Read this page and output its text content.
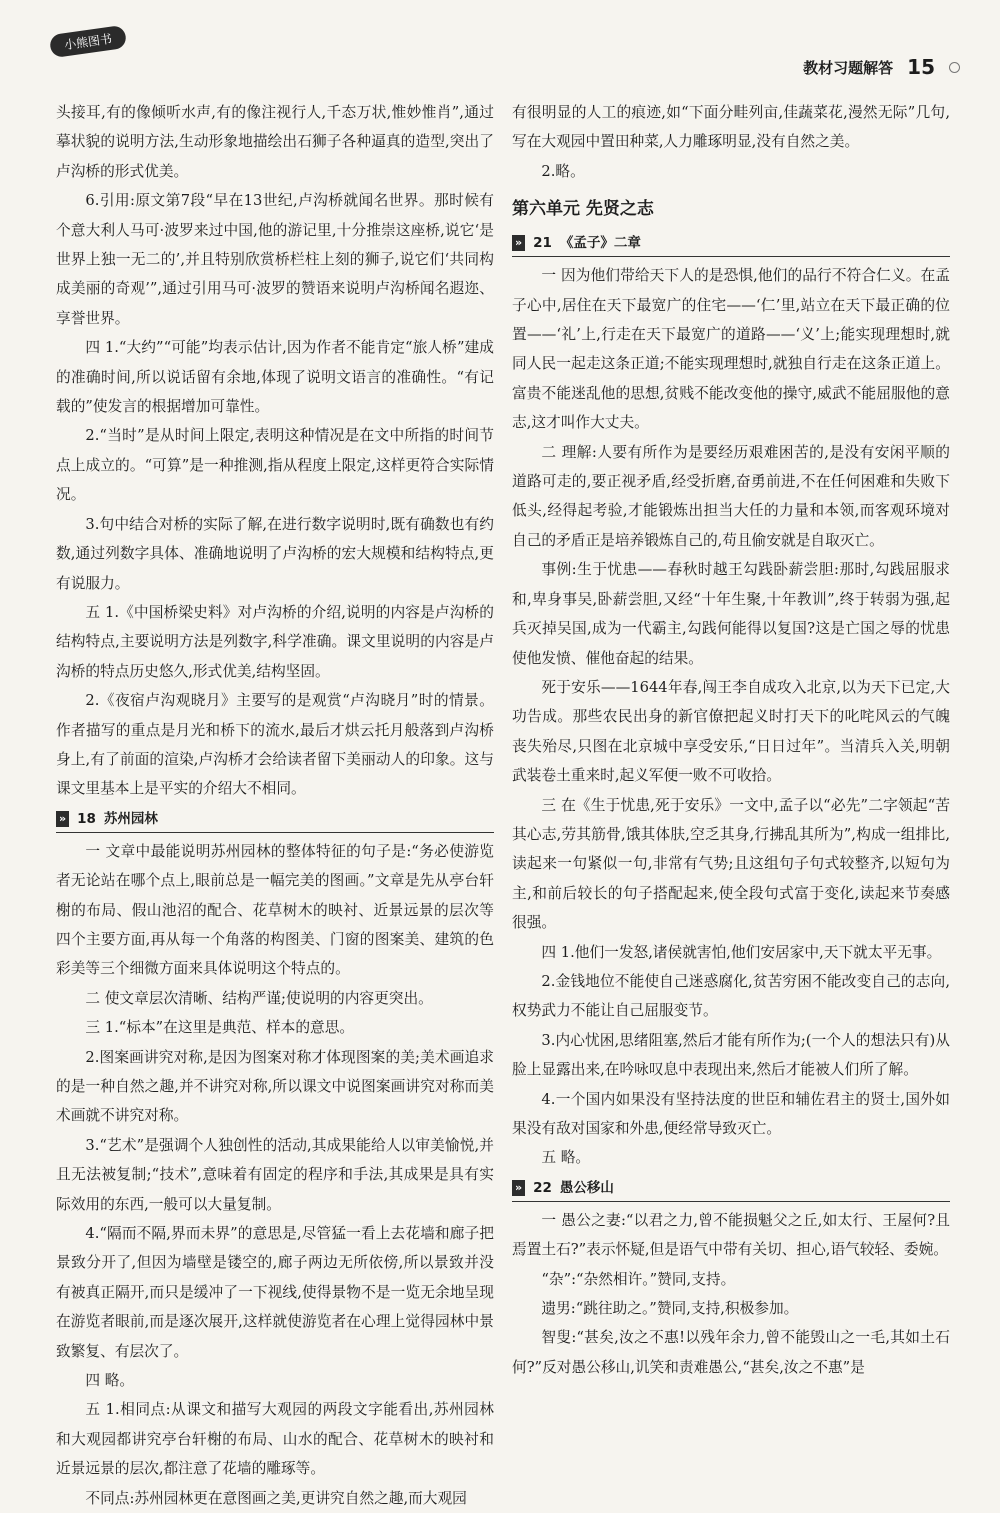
小熊图书
教材习题解答 15

头接耳,有的像倾听水声,有的像注视行人,千态万状,惟妙惟肖”,通过摹状貌的说明方法,生动形象地描绘出石狮子各种逼真的造型,突出了卢沟桥的形式优美。

6.引用:原文第7段“早在13世纪,卢沟桥就闻名世界。那时候有个意大利人马可·波罗来过中国,他的游记里,十分推崇这座桥,说它‘是世界上独一无二的’,并且特别欣赏桥栏柱上刻的狮子,说它们‘共同构成美丽的奇观’”,通过引用马可·波罗的赞语来说明卢沟桥闻名遐迩、享誉世界。

四 1.“大约”“可能”均表示估计,因为作者不能肯定“旅人桥”建成的准确时间,所以说话留有余地,体现了说明文语言的准确性。“有记载的”使发言的根据增加可靠性。

2.“当时”是从时间上限定,表明这种情况是在文中所指的时间节点上成立的。“可算”是一种推测,指从程度上限定,这样更符合实际情况。

3.句中结合对桥的实际了解,在进行数字说明时,既有确数也有约数,通过列数字具体、准确地说明了卢沟桥的宏大规模和结构特点,更有说服力。

五 1.《中国桥梁史料》对卢沟桥的介绍,说明的内容是卢沟桥的结构特点,主要说明方法是列数字,科学准确。课文里说明的内容是卢沟桥的特点历史悠久,形式优美,结构坚固。

2.《夜宿卢沟观晓月》主要写的是观赏“卢沟晓月”时的情景。作者描写的重点是月光和桥下的流水,最后才烘云托月般落到卢沟桥身上,有了前面的渲染,卢沟桥才会给读者留下美丽动人的印象。这与课文里基本上是平实的介绍大不相同。

» 18 苏州园林

一 文章中最能说明苏州园林的整体特征的句子是:“务必使游览者无论站在哪个点上,眼前总是一幅完美的图画。”文章是先从亭台轩榭的布局、假山池沼的配合、花草树木的映衬、近景远景的层次等四个主要方面,再从每一个角落的构图美、门窗的图案美、建筑的色彩美等三个细微方面来具体说明这个特点的。

二 使文章层次清晰、结构严谨;使说明的内容更突出。

三 1.“标本”在这里是典范、样本的意思。

2.图案画讲究对称,是因为图案对称才体现图案的美;美术画追求的是一种自然之趣,并不讲究对称,所以课文中说图案画讲究对称而美术画就不讲究对称。

3.“艺术”是强调个人独创性的活动,其成果能给人以审美愉悦,并且无法被复制;“技术”,意味着有固定的程序和手法,其成果是具有实际效用的东西,一般可以大量复制。

4.“隔而不隔,界而未界”的意思是,尽管猛一看上去花墙和廊子把景致分开了,但因为墙壁是镂空的,廊子两边无所依傍,所以景致并没有被真正隔开,而只是缓冲了一下视线,使得景物不是一览无余地呈现在游览者眼前,而是逐次展开,这样就使游览者在心理上觉得园林中景致繁复、有层次了。

四 略。

五 1.相同点:从课文和描写大观园的两段文字能看出,苏州园林和大观园都讲究亭台轩榭的布局、山水的配合、花草树木的映衬和近景远景的层次,都注意了花墙的雕琢等。

不同点:苏州园林更在意图画之美,更讲究自然之趣,而大观园

有很明显的人工的痕迹,如“下面分畦列亩,佳蔬菜花,漫然无际”几句,写在大观园中置田种菜,人力雕琢明显,没有自然之美。

2.略。

第六单元 先贤之志
» 21 《孟子》二章

一 因为他们带给天下人的是恐惧,他们的品行不符合仁义。在孟子心中,居住在天下最宽广的住宅——‘仁’里,站立在天下最正确的位置——‘礼’上,行走在天下最宽广的道路——‘义’上;能实现理想时,就同人民一起走这条正道;不能实现理想时,就独自行走在这条正道上。富贵不能迷乱他的思想,贫贱不能改变他的操守,威武不能屈服他的意志,这才叫作大丈夫。

二 理解:人要有所作为是要经历艰难困苦的,是没有安闲平顺的道路可走的,要正视矛盾,经受折磨,奋勇前进,不在任何困难和失败下低头,经得起考验,才能锻炼出担当大任的力量和本领,而客观环境对自己的矛盾正是培养锻炼自己的,苟且偷安就是自取灭亡。

事例:生于忧患——春秋时越王勾践卧薪尝胆:那时,勾践屈服求和,卑身事吴,卧薪尝胆,又经“十年生聚,十年教训”,终于转弱为强,起兵灭掉吴国,成为一代霸主,勾践何能得以复国?这是亡国之辱的忧患使他发愤、催他奋起的结果。

死于安乐——1644年春,闯王李自成攻入北京,以为天下已定,大功告成。那些农民出身的新官僚把起义时打天下的叱咤风云的气魄丧失殆尽,只图在北京城中享受安乐,“日日过年”。当清兵入关,明朝武装卷土重来时,起义军便一败不可收拾。

三 在《生于忧患,死于安乐》一文中,孟子以“必先”二字领起“苦其心志,劳其筋骨,饿其体肤,空乏其身,行拂乱其所为”,构成一组排比,读起来一句紧似一句,非常有气势;且这组句子句式较整齐,以短句为主,和前后较长的句子搭配起来,使全段句式富于变化,读起来节奏感很强。

四 1.他们一发怒,诸侯就害怕,他们安居家中,天下就太平无事。

2.金钱地位不能使自己迷惑腐化,贫苦穷困不能改变自己的志向,权势武力不能让自己屈服变节。

3.内心忧困,思绪阻塞,然后才能有所作为;(一个人的想法只有)从脸上显露出来,在吟咏叹息中表现出来,然后才能被人们所了解。

4.一个国内如果没有坚持法度的世臣和辅佐君主的贤士,国外如果没有敌对国家和外患,便经常导致灭亡。

五 略。

» 22 愚公移山

一 愚公之妻:“以君之力,曾不能损魁父之丘,如太行、王屋何?且焉置土石?”表示怀疑,但是语气中带有关切、担心,语气较轻、委婉。

“杂”:“杂然相许。”赞同,支持。

遗男:“跳往助之。”赞同,支持,积极参加。

智叟:“甚矣,汝之不惠!以残年余力,曾不能毁山之一毛,其如土石何?”反对愚公移山,讥笑和责难愚公,“甚矣,汝之不惠”是
